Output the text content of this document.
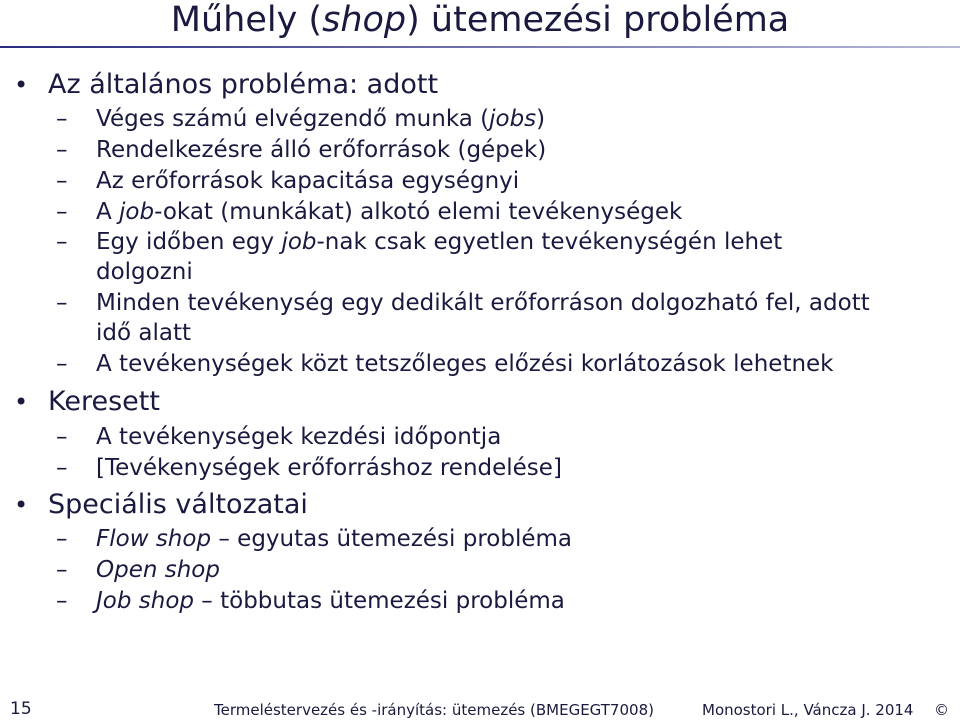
Műhely (shop) ütemezési probléma
• Az általános probléma: adott
– Véges számú elvégzendő munka (jobs)
– Rendelkezésre álló erőforrások (gépek)
– Az erőforrások kapacitása egységnyi
– A job-okat (munkákat) alkotó elemi tevékenységek
– Egy időben egy job-nak csak egyetlen tevékenységén lehet
dolgozni
– Minden tevékenység egy dedikált erőforráson dolgozható fel, adott
idő alatt
– A tevékenységek közt tetszőleges előzési korlátozások lehetnek
• Keresett
– A tevékenységek kezdési időpontja
– [Tevékenységek erőforráshoz rendelése]
• Speciális változatai
– Flow shop – egyutas ütemezési probléma
– Open shop
– Job shop – többutas ütemezési probléma
15	Termeléstervezés és -irányítás: ütemezés (BMEGEGT7008)	Monostori L., Váncza J. 2014 ©
